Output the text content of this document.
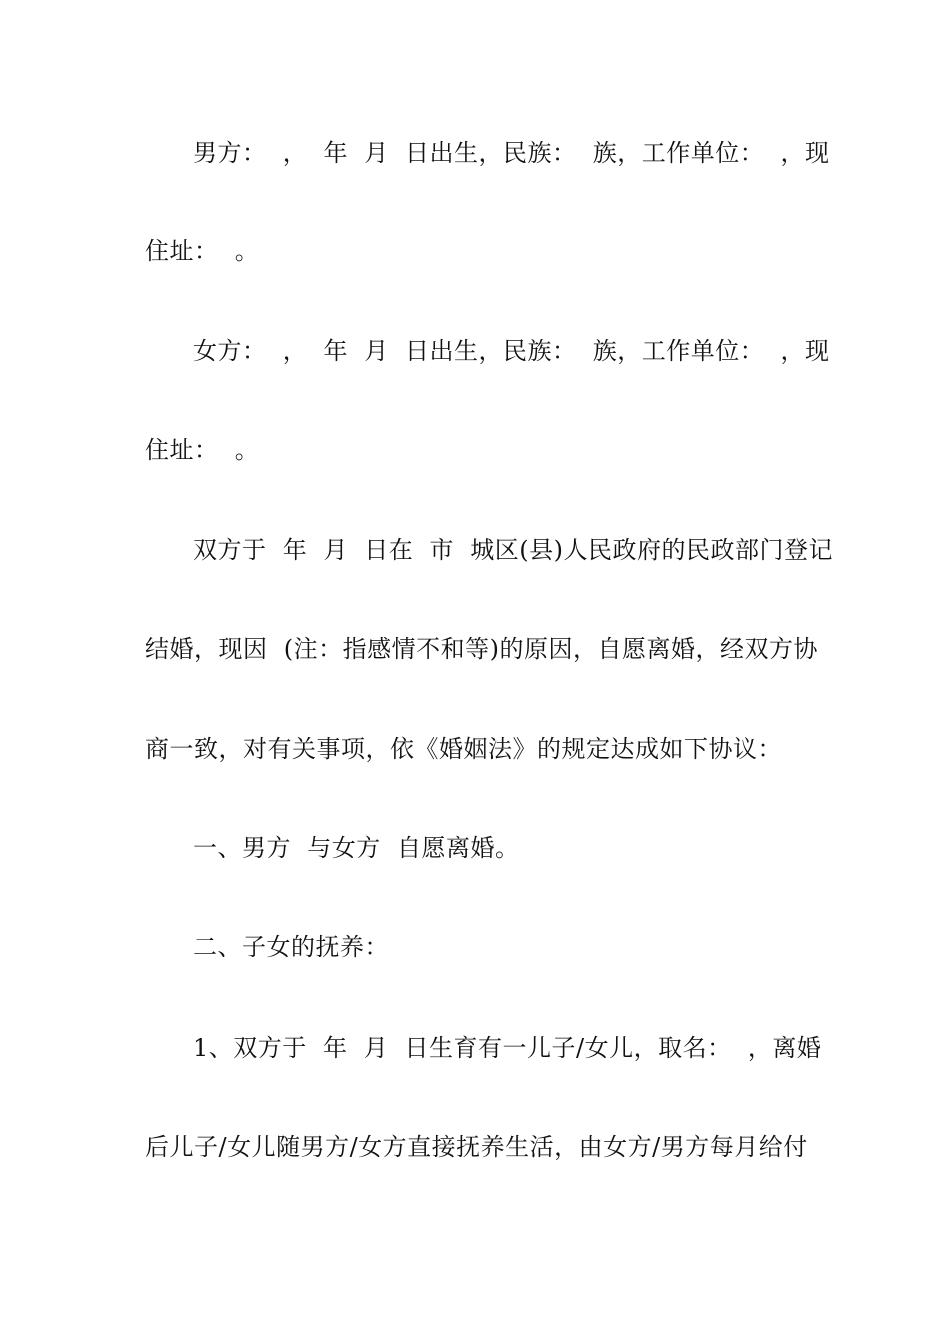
男方：  ，  年  月  日出生，民族：  族，工作单位：  ，现
住址：  。
女方：  ，  年  月  日出生，民族：  族，工作单位：  ，现
住址：  。
双方于  年  月  日在  市  城区(县)人民政府的民政部门登记
结婚，现因  (注：指感情不和等)的原因，自愿离婚，经双方协
商一致，对有关事项，依《婚姻法》的规定达成如下协议：
一、男方  与女方  自愿离婚。
二、子女的抚养：
1、双方于  年  月  日生育有一儿子/女儿，取名：  ，离婚
后儿子/女儿随男方/女方直接抚养生活，由女方/男方每月给付
